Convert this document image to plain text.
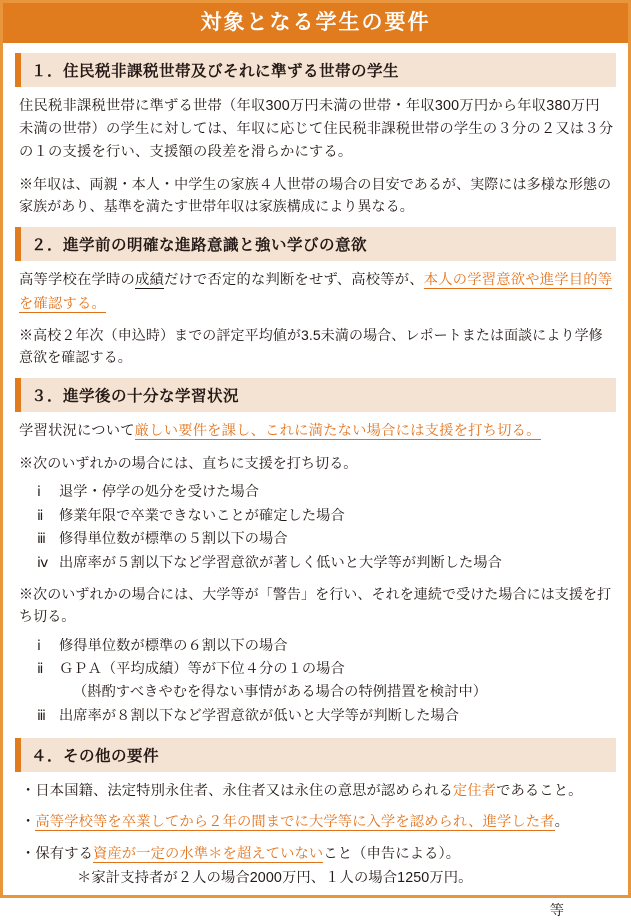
対象となる学生の要件
１．住民税非課税世帯及びそれに準ずる世帯の学生
住民税非課税世帯に準ずる世帯（年収300万円未満の世帯・年収300万円から年収380万円未満の世帯）の学生に対しては、年収に応じて住民税非課税世帯の学生の３分の２又は３分の１の支援を行い、支援額の段差を滑らかにする。
※年収は、両親・本人・中学生の家族４人世帯の場合の目安であるが、実際には多様な形態の家族があり、基準を満たす世帯年収は家族構成により異なる。
２．進学前の明確な進路意識と強い学びの意欲
高等学校在学時の成績だけで否定的な判断をせず、高校等が、本人の学習意欲や進学目的等を確認する。
※高校２年次（申込時）までの評定平均値が3.5未満の場合、レポートまたは面談により学修意欲を確認する。
３．進学後の十分な学習状況
学習状況について厳しい要件を課し、これに満たない場合には支援を打ち切る。
※次のいずれかの場合には、直ちに支援を打ち切る。
ⅰ	退学・停学の処分を受けた場合
ⅱ	修業年限で卒業できないことが確定した場合
ⅲ 修得単位数が標準の５割以下の場合
ⅳ 出席率が５割以下など学習意欲が著しく低いと大学等が判断した場合
※次のいずれかの場合には、大学等が「警告」を行い、それを連続で受けた場合には支援を打ち切る。
ⅰ	修得単位数が標準の６割以下の場合
ⅱ	ＧＰＡ（平均成績）等が下位４分の１の場合
（斟酌すべきやむを得ない事情がある場合の特例措置を検討中）
ⅲ 出席率が８割以下など学習意欲が低いと大学等が判断した場合
４．その他の要件
・日本国籍、法定特別永住者、永住者又は永住の意思が認められる定住者であること。
・高等学校等を卒業してから２年の間までに大学等に入学を認められ、進学した者。
・保有する資産が一定の水準＊を超えていないこと（申告による）。
＊家計支持者が２人の場合2000万円、１人の場合1250万円。
等
